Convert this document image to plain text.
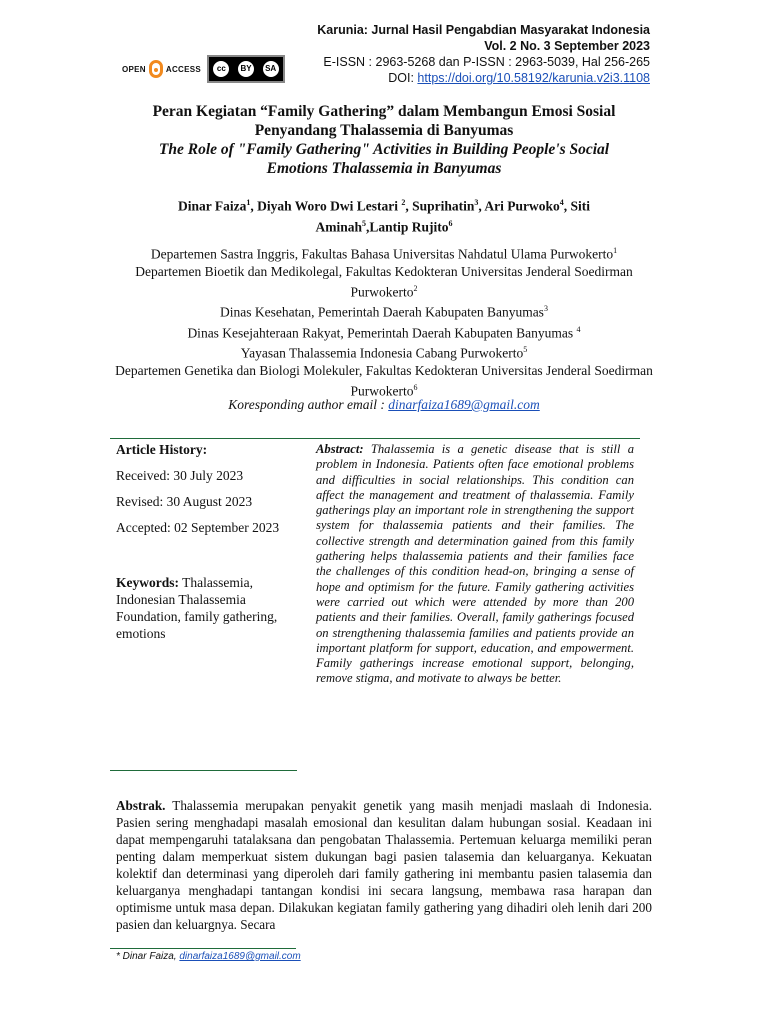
Karunia: Jurnal Hasil Pengabdian Masyarakat Indonesia
Vol. 2 No. 3 September 2023
E-ISSN : 2963-5268 dan P-ISSN : 2963-5039, Hal 256-265
DOI: https://doi.org/10.58192/karunia.v2i3.1108
OPEN	ACCESS	cc	BY	SA
Peran Kegiatan “Family Gathering” dalam Membangun Emosi Sosial
Penyandang Thalassemia di Banyumas
The Role of "Family Gathering" Activities in Building People's Social
Emotions Thalassemia in Banyumas
Dinar Faiza$^1$, Diyah Woro Dwi Lestari $^2$, Suprihatin$^3$, Ari Purwoko$^4$, Siti Aminah$^5$,Lantip Rujito$^6$
Departemen Sastra Inggris, Fakultas Bahasa Universitas Nahdatul Ulama Purwokerto$^1$
Departemen Bioetik dan Medikolegal, Fakultas Kedokteran Universitas Jenderal Soedirman Purwokerto$^2$
Dinas Kesehatan, Pemerintah Daerah Kabupaten Banyumas$^3$
Dinas Kesejahteraan Rakyat, Pemerintah Daerah Kabupaten Banyumas $^4$
Yayasan Thalassemia Indonesia Cabang Purwokerto$^5$
Departemen Genetika dan Biologi Molekuler, Fakultas Kedokteran Universitas Jenderal Soedirman Purwokerto$^6$
Koresponding author email : dinarfaiza1689@gmail.com

Article History:

Received: 30 July 2023

Revised: 30 August 2023

Accepted: 02 September 2023

Keywords: Thalassemia, Indonesian Thalassemia Foundation, family gathering, emotions
Abstract: Thalassemia is a genetic disease that is still a problem in Indonesia. Patients often face emotional problems and difficulties in social relationships. This condition can affect the management and treatment of thalassemia. Family gatherings play an important role in strengthening the support system for thalassemia patients and their families. The collective strength and determination gained from this family gathering helps thalassemia patients and their families face the challenges of this condition head-on, bringing a sense of hope and optimism for the future. Family gathering activities were carried out which were attended by more than 200 patients and their families. Overall, family gatherings focused on strengthening thalassemia families and patients provide an important platform for support, education, and empowerment. Family gatherings increase emotional support, belonging, remove stigma, and motivate to always be better.
Abstrak. Thalassemia merupakan penyakit genetik yang masih menjadi maslaah di Indonesia. Pasien sering menghadapi masalah emosional dan kesulitan dalam hubungan sosial. Keadaan ini dapat mempengaruhi tatalaksana dan pengobatan Thalassemia. Pertemuan keluarga memiliki peran penting dalam memperkuat sistem dukungan bagi pasien talasemia dan keluarganya. Kekuatan kolektif dan determinasi yang diperoleh dari family gathering ini membantu pasien talasemia dan keluarganya menghadapi tantangan kondisi ini secara langsung, membawa rasa harapan dan optimisme untuk masa depan. Dilakukan kegiatan family gathering yang dihadiri oleh lenih dari 200 pasien dan keluargnya. Secara
* Dinar Faiza, dinarfaiza1689@gmail.com
